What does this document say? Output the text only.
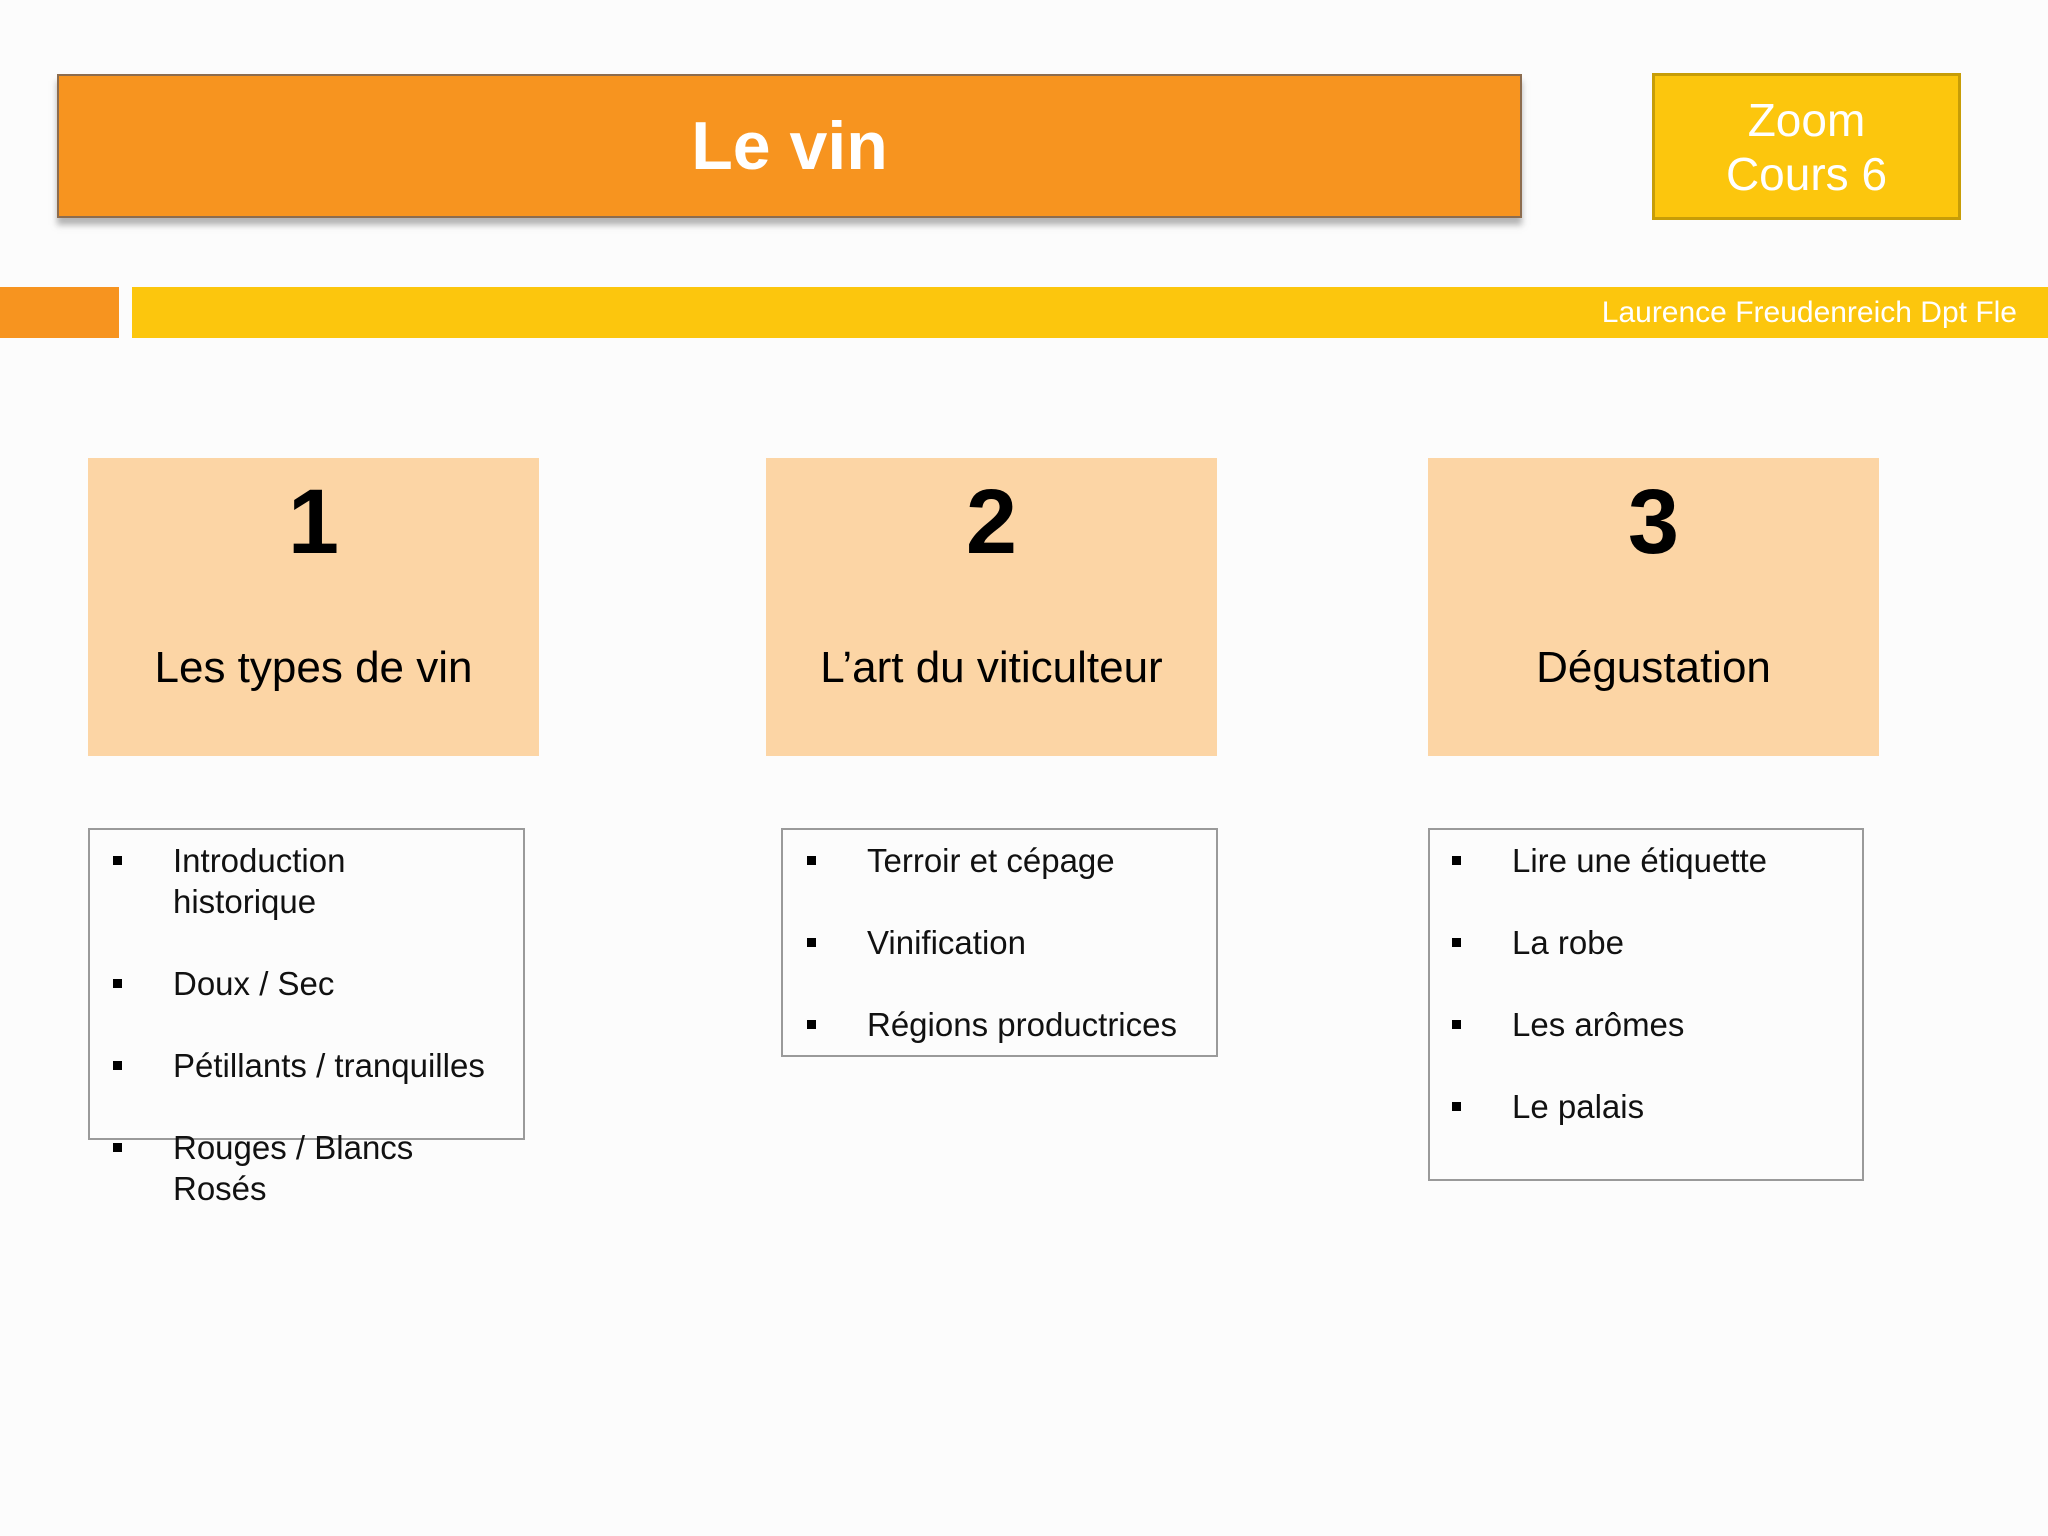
Le vin	Zoom
Cours 6
Laurence Freudenreich Dpt Fle
1
Les types de vin
Introduction historique
Doux / Sec
Pétillants / tranquilles
Rouges / Blancs Rosés
2
L’art du viticulteur
Terroir et cépage
Vinification
Régions productrices
3
Dégustation
Lire une étiquette
La robe
Les arômes
Le palais
